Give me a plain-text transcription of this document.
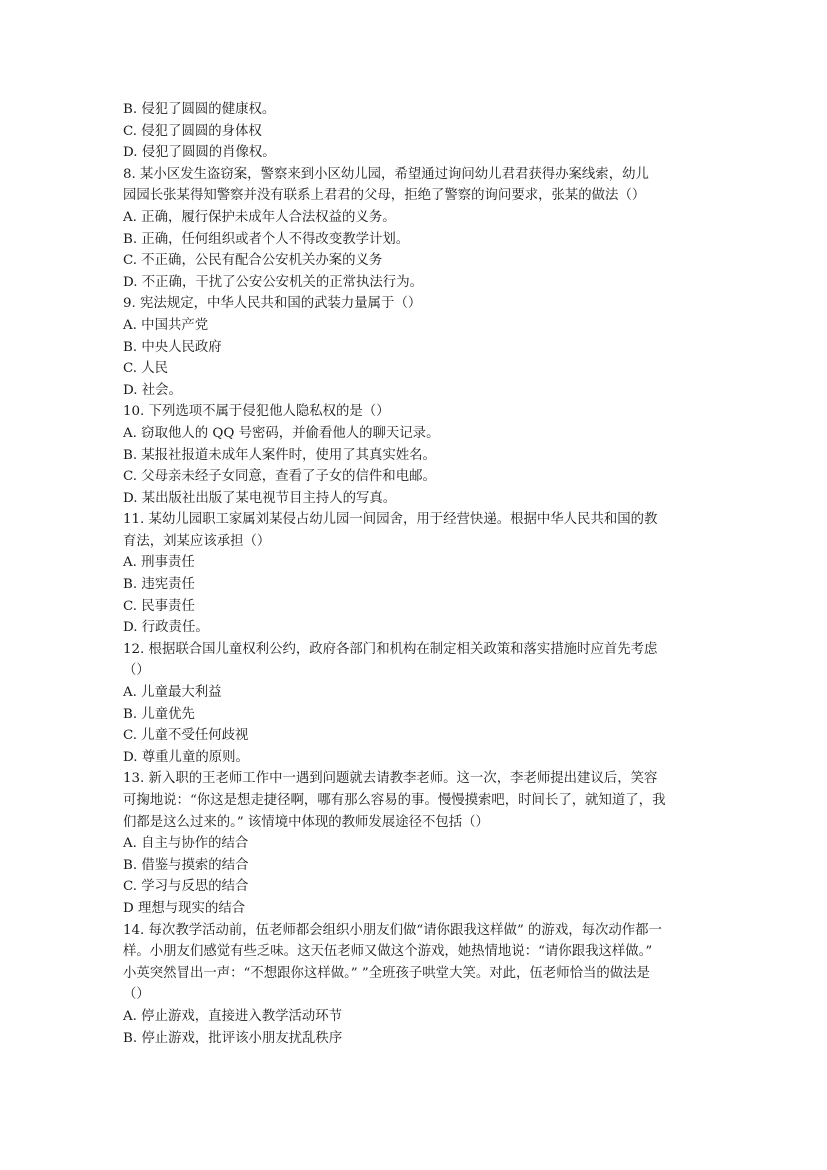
B. 侵犯了圆圆的健康权。
C. 侵犯了圆圆的身体权
D. 侵犯了圆圆的肖像权。
8. 某小区发生盗窃案，警察来到小区幼儿园，希望通过询问幼儿君君获得办案线索，幼儿
园园长张某得知警察并没有联系上君君的父母，拒绝了警察的询问要求，张某的做法（）
A. 正确，履行保护未成年人合法权益的义务。
B. 正确，任何组织或者个人不得改变教学计划。
C. 不正确，公民有配合公安机关办案的义务
D. 不正确，干扰了公安公安机关的正常执法行为。
9. 宪法规定，中华人民共和国的武装力量属于（）
A. 中国共产党
B. 中央人民政府
C. 人民
D. 社会。
10. 下列选项不属于侵犯他人隐私权的是（）
A. 窃取他人的 QQ 号密码，并偷看他人的聊天记录。
B. 某报社报道未成年人案件时，使用了其真实姓名。
C. 父母亲未经子女同意，查看了子女的信件和电邮。
D. 某出版社出版了某电视节目主持人的写真。
11. 某幼儿园职工家属刘某侵占幼儿园一间园舍，用于经营快递。根据中华人民共和国的教
育法，刘某应该承担（）
A. 刑事责任
B. 违宪责任
C. 民事责任
D. 行政责任。
12. 根据联合国儿童权利公约，政府各部门和机构在制定相关政策和落实措施时应首先考虑
（）
A. 儿童最大利益
B. 儿童优先
C. 儿童不受任何歧视
D. 尊重儿童的原则。
13. 新入职的王老师工作中一遇到问题就去请教李老师。这一次，李老师提出建议后，笑容
可掬地说：“你这是想走捷径啊，哪有那么容易的事。慢慢摸索吧，时间长了，就知道了，我
们都是这么过来的。” 该情境中体现的教师发展途径不包括（）
A. 自主与协作的结合
B. 借鉴与摸索的结合
C. 学习与反思的结合
D 理想与现实的结合
14. 每次教学活动前，伍老师都会组织小朋友们做“请你跟我这样做” 的游戏，每次动作都一
样。小朋友们感觉有些乏味。这天伍老师又做这个游戏，她热情地说：“请你跟我这样做。”
小英突然冒出一声：“不想跟你这样做。” ”全班孩子哄堂大笑。对此，伍老师恰当的做法是
（）
A. 停止游戏，直接进入教学活动环节
B. 停止游戏，批评该小朋友扰乱秩序
